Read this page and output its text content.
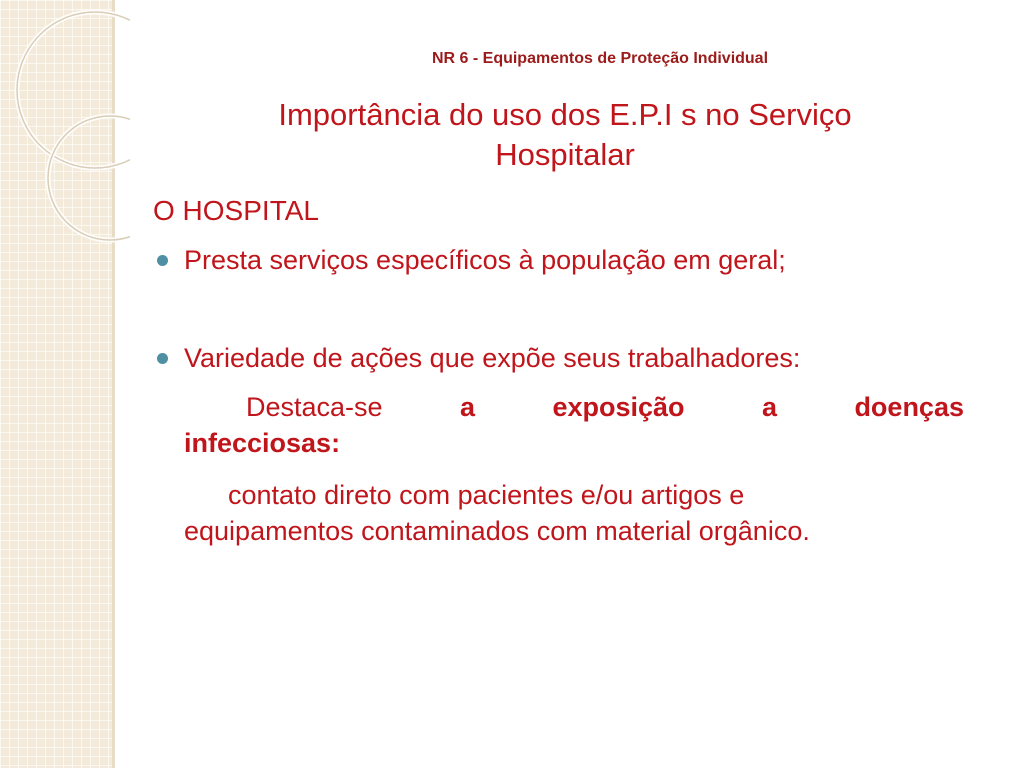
NR 6 - Equipamentos de Proteção Individual
Importância do uso dos E.P.I s no Serviço
Hospitalar
O HOSPITAL
Presta serviços específicos à população em geral;
Variedade de ações que expõe seus trabalhadores:
Destaca-se	a	exposição	a	doenças
infecciosas:
contato direto com pacientes e/ou artigos e
equipamentos contaminados com material orgânico.
